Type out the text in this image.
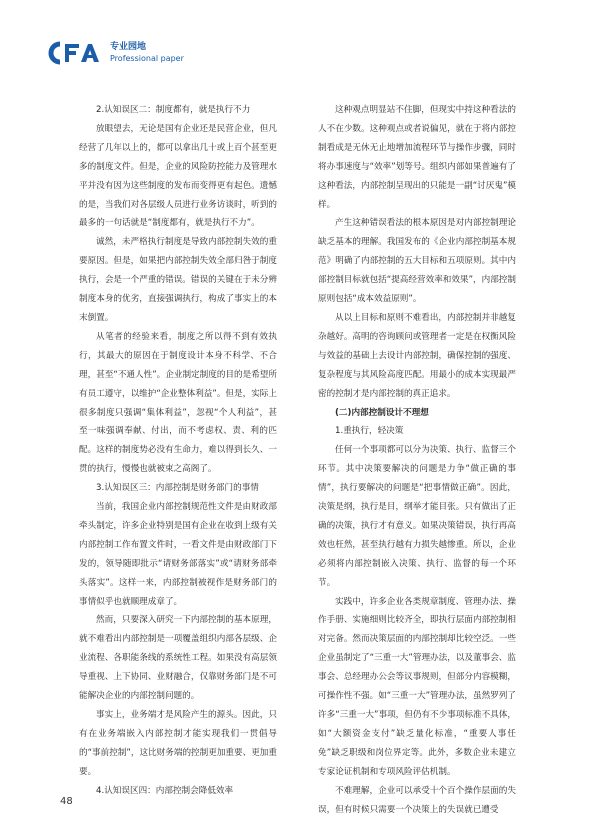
专业园地
Professional paper

2.认知误区二：制度都有，就是执行不力

放眼望去，无论是国有企业还是民营企业，但凡经营了几年以上的，都可以拿出几十或上百个甚至更多的制度文件。但是，企业的风险防控能力及管理水平并没有因为这些制度的发布而变得更有起色。遗憾的是，当我们对各层级人员进行业务访谈时，听到的最多的一句话就是“制度都有，就是执行不力”。

诚然，未严格执行制度是导致内部控制失效的重要原因。但是，如果把内部控制失效全部归咎于制度执行，会是一个严重的错误。错误的关键在于未分辨制度本身的优劣，直接强调执行，构成了事实上的本末倒置。

从笔者的经验来看，制度之所以得不到有效执行，其最大的原因在于制度设计本身不科学、不合理，甚至“不通人性”。企业制定制度的目的是希望所有员工遵守，以维护“企业整体利益”。但是，实际上很多制度只强调“集体利益”，忽视“个人利益”，甚至一味强调奉献、付出，而不考虑权、责、利的匹配。这样的制度势必没有生命力，难以得到长久、一贯的执行，慢慢也就被束之高阁了。

3.认知误区三：内部控制是财务部门的事情

当前，我国企业内部控制规范性文件是由财政部牵头制定，许多企业特别是国有企业在收到上级有关内部控制工作布置文件时，一看文件是由财政部门下发的，领导随即批示“请财务部落实”或“请财务部牵头落实”。这样一来，内部控制被视作是财务部门的事情似乎也就顺理成章了。

然而，只要深入研究一下内部控制的基本原理，就不难看出内部控制是一项覆盖组织内部各层级、企业流程、各职能条线的系统性工程。如果没有高层领导重视、上下协同、业财融合，仅靠财务部门是不可能解决企业的内部控制问题的。

事实上，业务端才是风险产生的源头。因此，只有在业务端嵌入内部控制才能实现我们一贯倡导的“事前控制”，这比财务端的控制更加重要、更加重要。

4.认知误区四：内部控制会降低效率

这种观点明显站不住脚，但现实中持这种看法的人不在少数。这种观点或者说偏见，就在于将内部控制看成是无休无止地增加流程环节与操作步骤，同时将办事速度与“效率”划等号。组织内部如果普遍有了这种看法，内部控制呈现出的只能是一副“讨厌鬼”模样。

产生这种错误看法的根本原因是对内部控制理论缺乏基本的理解。我国发布的《企业内部控制基本规范》明确了内部控制的五大目标和五项原则。其中内部控制目标就包括“提高经营效率和效果”，内部控制原则包括“成本效益原则”。

从以上目标和原则不难看出，内部控制并非越复杂越好。高明的咨询顾问或管理者一定是在权衡风险与效益的基础上去设计内部控制，确保控制的强度、复杂程度与其风险高度匹配。用最小的成本实现最严密的控制才是内部控制的真正追求。

(二)内部控制设计不理想

1.重执行，轻决策

任何一个事项都可以分为决策、执行、监督三个环节。其中决策要解决的问题是力争“做正确的事情”，执行要解决的问题是“把事情做正确”。因此，决策是纲，执行是目，纲举才能目张。只有做出了正确的决策，执行才有意义。如果决策错误，执行再高效也枉然，甚至执行越有力损失越惨重。所以，企业必须将内部控制嵌入决策、执行、监督的每一个环节。

实践中，许多企业各类规章制度、管理办法、操作手册、实施细则比较齐全，即执行层面内部控制相对完备。然而决策层面的内部控制却比较空泛。一些企业虽制定了“三重一大”管理办法，以及董事会、监事会、总经理办公会等议事规则，但部分内容模糊，可操作性不强。如“三重一大”管理办法，虽然罗列了许多“三重一大”事项，但仍有不少事项标准不具体，如“大额资金支付”缺乏量化标准，“重要人事任免”缺乏职级和岗位界定等。此外，多数企业未建立专家论证机制和专项风险评估机制。

不难理解，企业可以承受十个百个操作层面的失误，但有时候只需要一个决策上的失误就已遭受

48
